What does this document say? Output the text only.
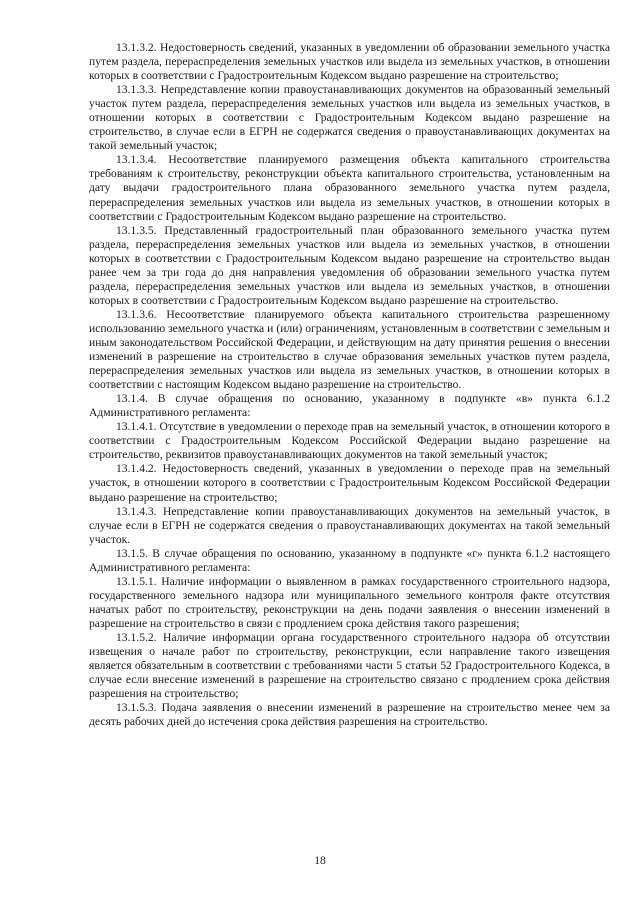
13.1.3.2. Недостоверность сведений, указанных в уведомлении об образовании земельного участка путем раздела, перераспределения земельных участков или выдела из земельных участков, в отношении которых в соответствии с Градостроительным Кодексом выдано разрешение на строительство;

13.1.3.3. Непредставление копии правоустанавливающих документов на образованный земельный участок путем раздела, перераспределения земельных участков или выдела из земельных участков, в отношении которых в соответствии с Градостроительным Кодексом выдано разрешение на строительство, в случае если в ЕГРН не содержатся сведения о правоустанавливающих документах на такой земельный участок;

13.1.3.4. Несоответствие планируемого размещения объекта капитального строительства требованиям к строительству, реконструкции объекта капитального строительства, установленным на дату выдачи градостроительного плана образованного земельного участка путем раздела, перераспределения земельных участков или выдела из земельных участков, в отношении которых в соответствии с Градостроительным Кодексом выдано разрешение на строительство.

13.1.3.5. Представленный градостроительный план образованного земельного участка путем раздела, перераспределения земельных участков или выдела из земельных участков, в отношении которых в соответствии с Градостроительным Кодексом выдано разрешение на строительство выдан ранее чем за три года до дня направления уведомления об образовании земельного участка путем раздела, перераспределения земельных участков или выдела из земельных участков, в отношении которых в соответствии с Градостроительным Кодексом выдано разрешение на строительство.

13.1.3.6. Несоответствие планируемого объекта капитального строительства разрешенному использованию земельного участка и (или) ограничениям, установленным в соответствии с земельным и иным законодательством Российской Федерации, и действующим на дату принятия решения о внесении изменений в разрешение на строительство в случае образования земельных участков путем раздела, перераспределения земельных участков или выдела из земельных участков, в отношении которых в соответствии с настоящим Кодексом выдано разрешение на строительство.

13.1.4. В случае обращения по основанию, указанному в подпункте «в» пункта 6.1.2 Административного регламента:

13.1.4.1. Отсутствие в уведомлении о переходе прав на земельный участок, в отношении которого в соответствии с Градостроительным Кодексом Российской Федерации выдано разрешение на строительство, реквизитов правоустанавливающих документов на такой земельный участок;

13.1.4.2. Недостоверность сведений, указанных в уведомлении о переходе прав на земельный участок, в отношении которого в соответствии с Градостроительным Кодексом Российской Федерации выдано разрешение на строительство;

13.1.4.3. Непредставление копии правоустанавливающих документов на земельный участок, в случае если в ЕГРН не содержатся сведения о правоустанавливающих документах на такой земельный участок.

13.1.5. В случае обращения по основанию, указанному в подпункте «г» пункта 6.1.2 настоящего Административного регламента:

13.1.5.1. Наличие информации о выявленном в рамках государственного строительного надзора, государственного земельного надзора или муниципального земельного контроля факте отсутствия начатых работ по строительству, реконструкции на день подачи заявления о внесении изменений в разрешение на строительство в связи с продлением срока действия такого разрешения;

13.1.5.2. Наличие информации органа государственного строительного надзора об отсутствии извещения о начале работ по строительству, реконструкции, если направление такого извещения является обязательным в соответствии с требованиями части 5 статьи 52 Градостроительного Кодекса, в случае если внесение изменений в разрешение на строительство связано с продлением срока действия разрешения на строительство;

13.1.5.3. Подача заявления о внесении изменений в разрешение на строительство менее чем за десять рабочих дней до истечения срока действия разрешения на строительство.

18
